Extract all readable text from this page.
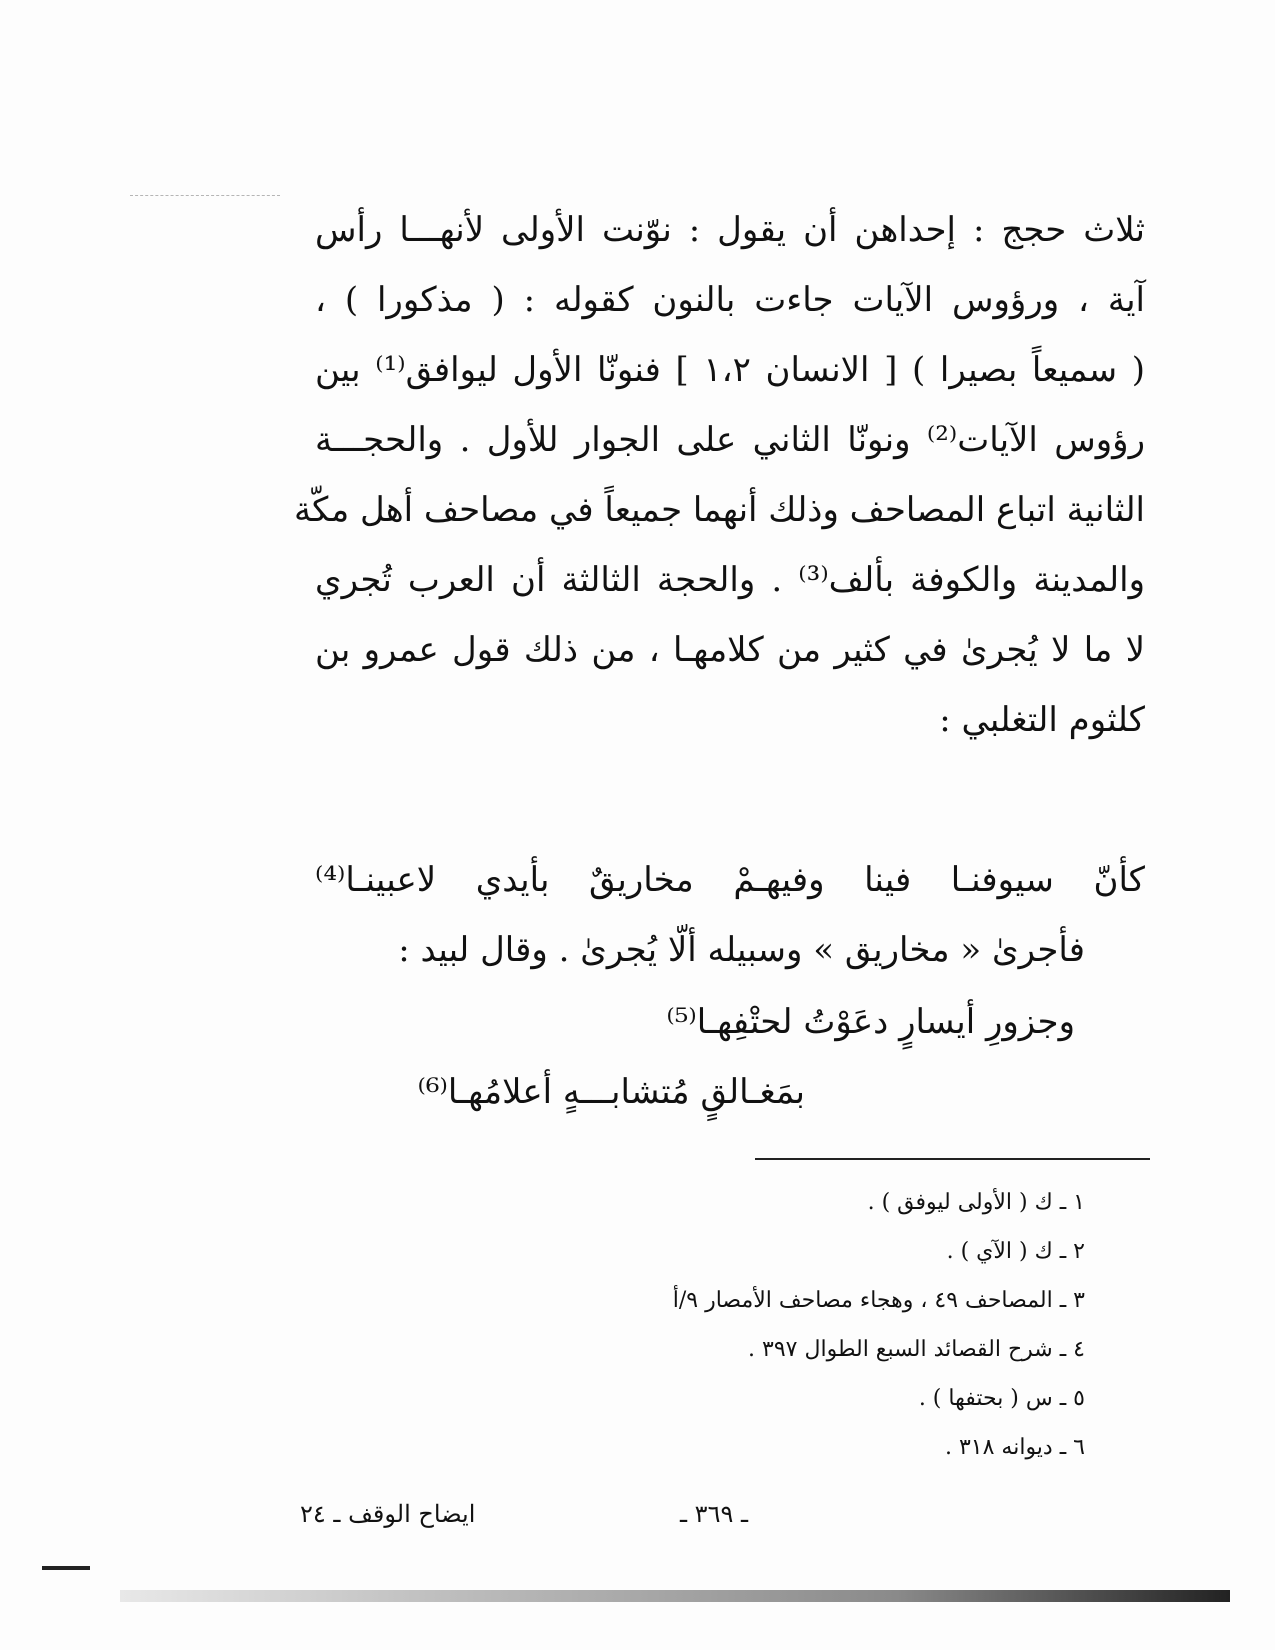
ثلاث حجج : إحداهن أن يقول : نوّنت الأولى لأنهـــا رأس
آية ، ورؤوس الآيات جاءت بالنون كقوله : ( مذكورا ) ،
( سميعاً بصيرا ) [ الانسان ١،٢ ] فنونّا الأول ليوافق⁽¹⁾ بين
رؤوس الآيات⁽²⁾ ونونّا الثاني على الجوار للأول . والحجـــة
الثانية اتباع المصاحف وذلك أنهما جميعاً في مصاحف أهل مكّة
والمدينة والكوفة بألف⁽³⁾ . والحجة الثالثة أن العرب تُجري
لا ما لا يُجرىٰ في كثير من كلامهـا ، من ذلك قول عمرو بن
كلثوم التغلبي :
كأنّ سيوفنـا فينا وفيهـمْ مخاريقٌ بأيدي لاعبينـا⁽⁴⁾
فأجرىٰ « مخاريق » وسبيله ألّا يُجرىٰ . وقال لبيد :
وجزورِ أيسارٍ دعَوْتُ لحتْفِهـا⁽⁵⁾
بمَغـالقٍ مُتشابـــهٍ أعلامُهـا⁽⁶⁾
١ ـ ك ( الأولى ليوفق ) .
٢ ـ ك ( الآي ) .
٣ ـ المصاحف ٤٩ ، وهجاء مصاحف الأمصار ٩/أ
٤ ـ شرح القصائد السبع الطوال ٣٩٧ .
٥ ـ س ( بحتفها ) .
٦ ـ ديوانه ٣١٨ .
ـ ٣٦٩ ـ
ايضاح الوقف ـ ٢٤
